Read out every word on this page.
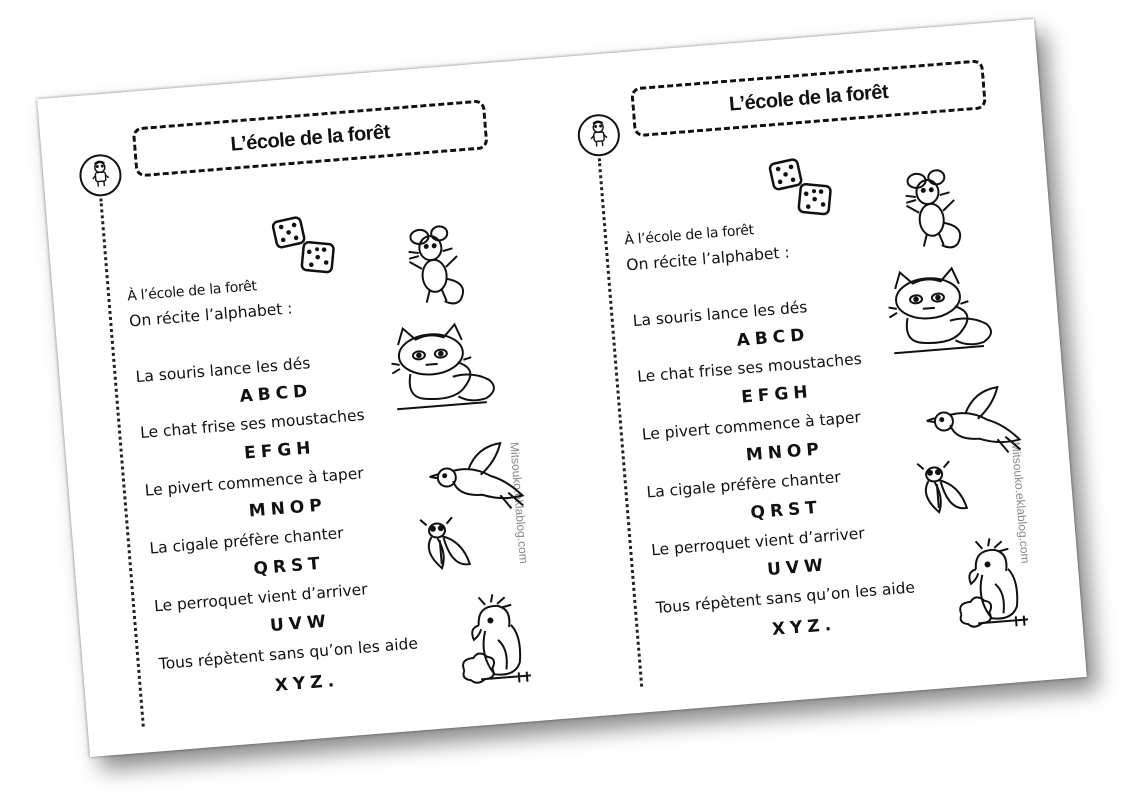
L’école de la forêt
À l’école de la forêt
On récite l’alphabet :
La souris lance les dés
ABCD
Le chat frise ses moustaches
EFGH
Le pivert commence à taper
MNOP
La cigale préfère chanter
QRST
Le perroquet vient d’arriver
UVW
Tous répètent sans qu’on les aide
XYZ.
Mitsouko.eklablog.com
L’école de la forêt
À l’école de la forêt
On récite l’alphabet :
La souris lance les dés
ABCD
Le chat frise ses moustaches
EFGH
Le pivert commence à taper
MNOP
La cigale préfère chanter
QRST
Le perroquet vient d’arriver
UVW
Tous répètent sans qu’on les aide
XYZ.
Mitsouko.eklablog.com
